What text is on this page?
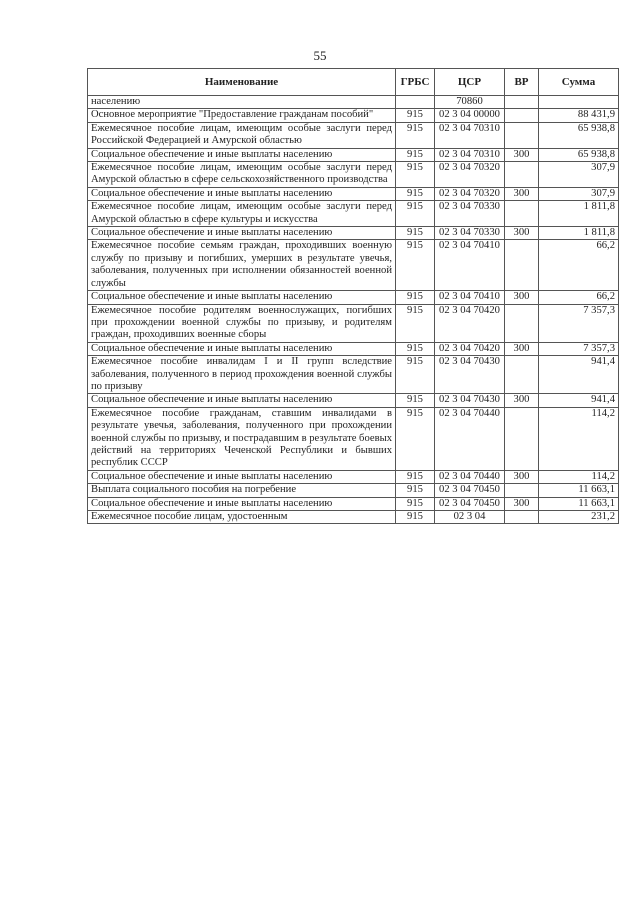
55
Наименование	ГРБС	ЦСР	ВР	Сумма
населению		70860		
Основное мероприятие "Предоставление гражданам пособий"	915	02 3 04 00000		88 431,9
Ежемесячное пособие лицам, имеющим особые заслуги перед Российской Федерацией и Амурской областью	915	02 3 04 70310		65 938,8
Социальное обеспечение и иные выплаты населению	915	02 3 04 70310	300	65 938,8
Ежемесячное пособие лицам, имеющим особые заслуги перед Амурской областью в сфере сельскохозяйственного производства	915	02 3 04 70320		307,9
Социальное обеспечение и иные выплаты населению	915	02 3 04 70320	300	307,9
Ежемесячное пособие лицам, имеющим особые заслуги перед Амурской областью в сфере культуры и искусства	915	02 3 04 70330		1 811,8
Социальное обеспечение и иные выплаты населению	915	02 3 04 70330	300	1 811,8
Ежемесячное пособие семьям граждан, проходивших военную службу по призыву и погибших, умерших в результате увечья, заболевания, полученных при исполнении обязанностей военной службы	915	02 3 04 70410		66,2
Социальное обеспечение и иные выплаты населению	915	02 3 04 70410	300	66,2
Ежемесячное пособие родителям военнослужащих, погибших при прохождении военной службы по призыву, и родителям граждан, проходивших военные сборы	915	02 3 04 70420		7 357,3
Социальное обеспечение и иные выплаты населению	915	02 3 04 70420	300	7 357,3
Ежемесячное пособие инвалидам I и II групп вследствие заболевания, полученного в период прохождения военной службы по призыву	915	02 3 04 70430		941,4
Социальное обеспечение и иные выплаты населению	915	02 3 04 70430	300	941,4
Ежемесячное пособие гражданам, ставшим инвалидами в результате увечья, заболевания, полученного при прохождении военной службы по призыву, и пострадавшим в результате боевых действий на территориях Чеченской Республики и бывших республик СССР	915	02 3 04 70440		114,2
Социальное обеспечение и иные выплаты населению	915	02 3 04 70440	300	114,2
Выплата социального пособия на погребение	915	02 3 04 70450		11 663,1
Социальное обеспечение и иные выплаты населению	915	02 3 04 70450	300	11 663,1
Ежемесячное пособие лицам, удостоенным	915	02 3 04		231,2
